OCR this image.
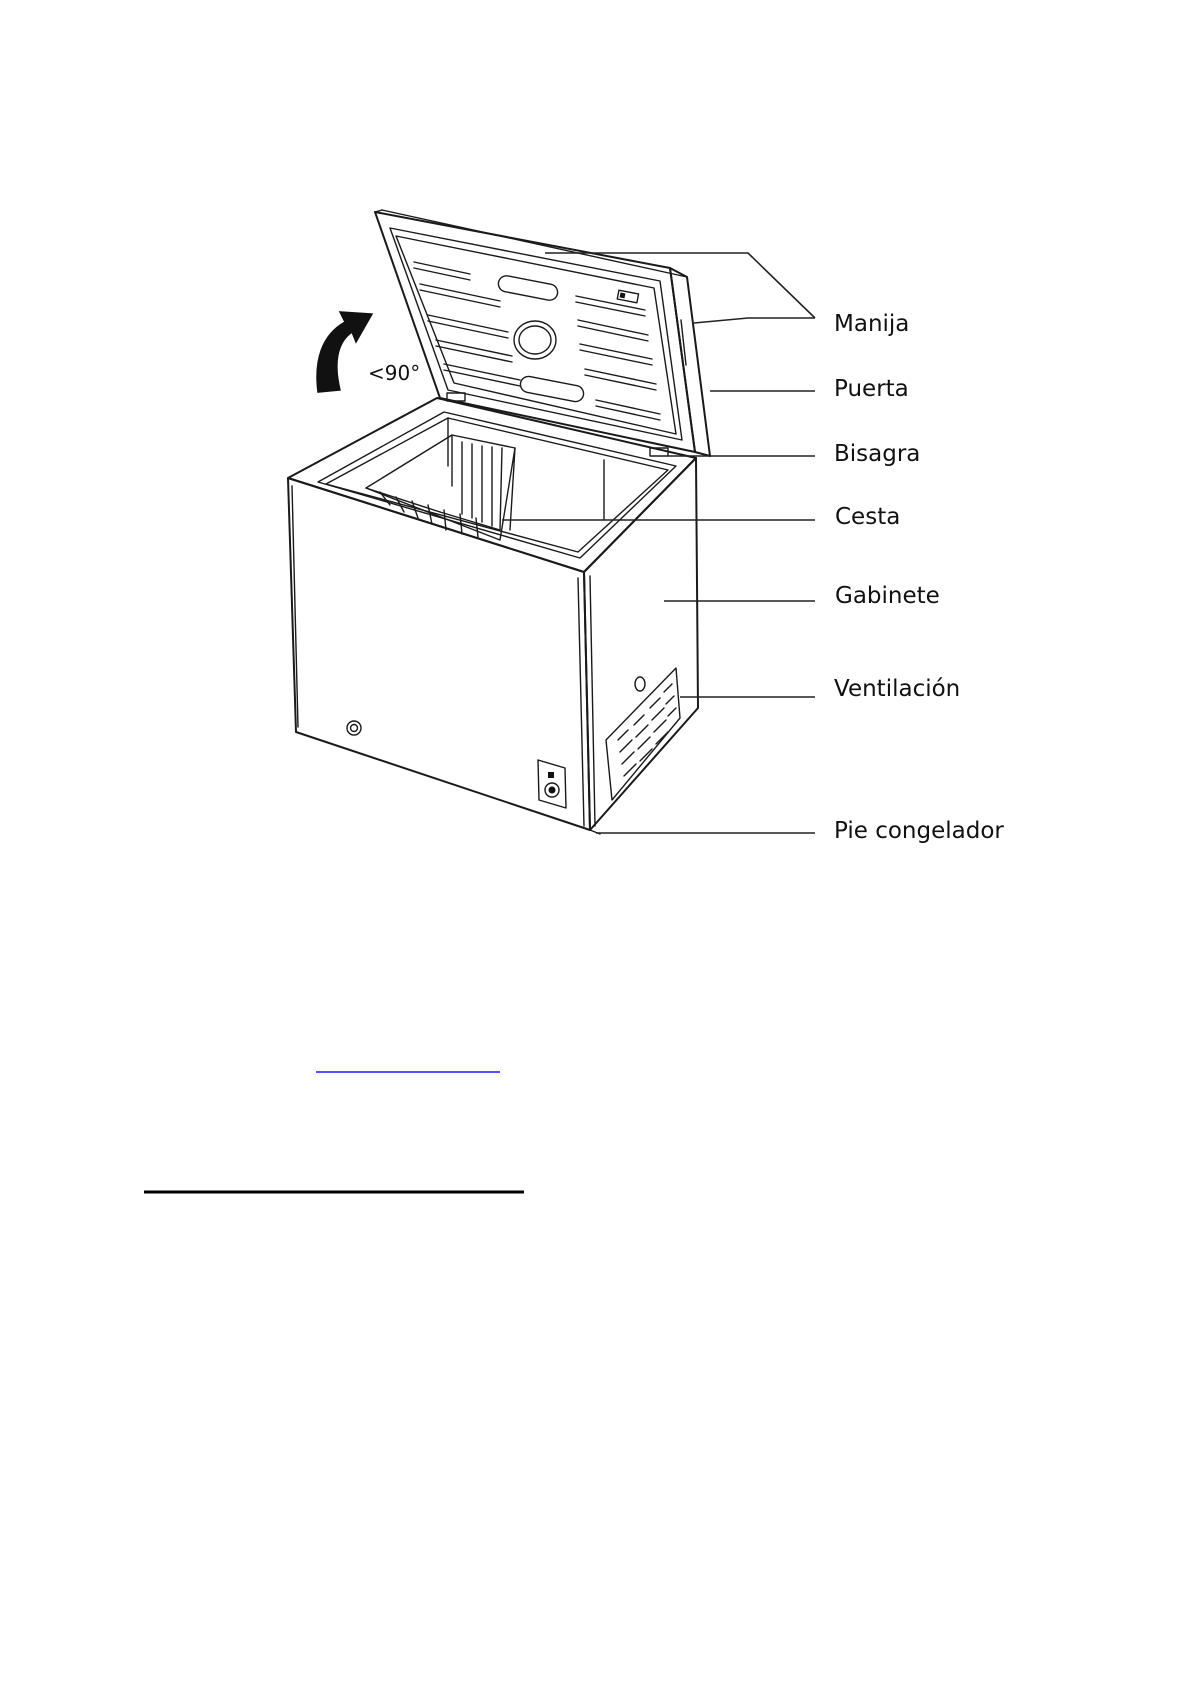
<90°
Manija
Puerta
Bisagra
Cesta
Gabinete
Ventilación
Pie congelador
